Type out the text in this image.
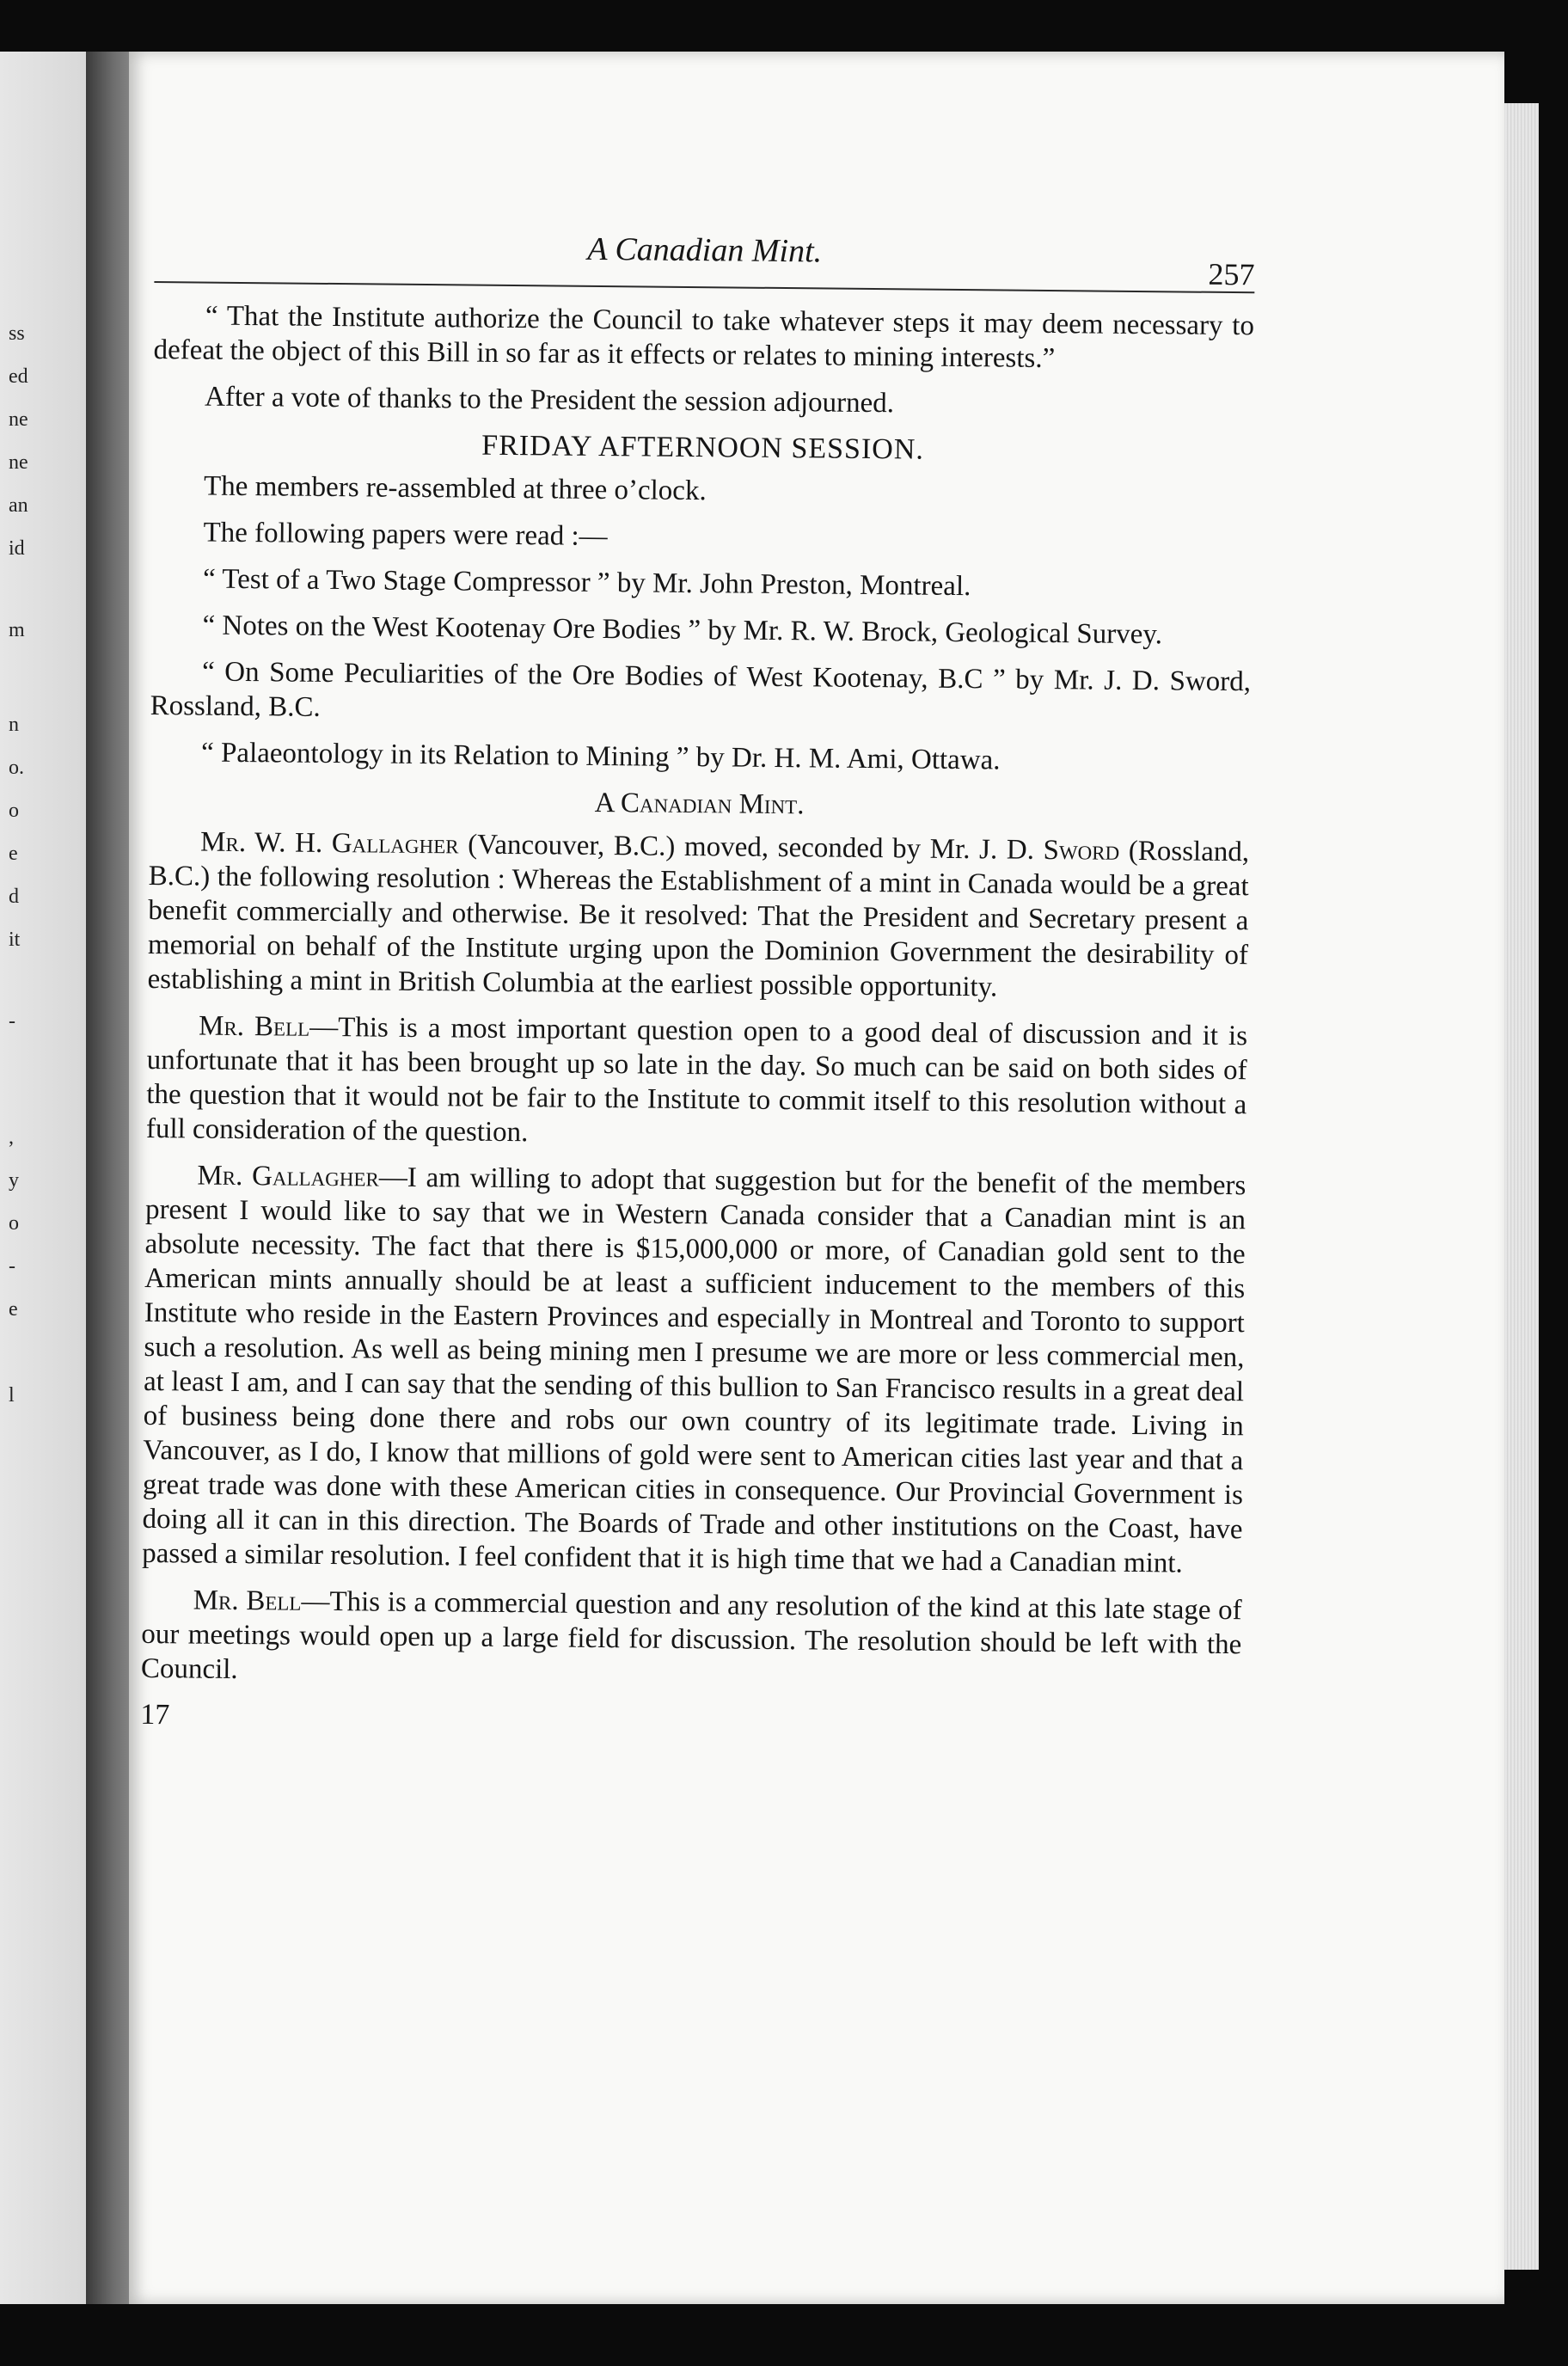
ss
ed
ne
ne
an
id
m
n
o.
o
e
d
it
-
,
y
o
-
e
l
A Canadian Mint.
257

“ That the Institute authorize the Council to take whatever steps it may deem necessary to defeat the object of this Bill in so far as it effects or relates to mining interests.”

After a vote of thanks to the President the session adjourned.

FRIDAY AFTERNOON SESSION.

The members re-assembled at three o’clock.

The following papers were read :—

“ Test of a Two Stage Compressor ” by Mr. John Preston, Montreal.

“ Notes on the West Kootenay Ore Bodies ” by Mr. R. W. Brock, Geological Survey.

“ On Some Peculiarities of the Ore Bodies of West Kootenay, B.C ” by Mr. J. D. Sword, Rossland, B.C.

“ Palaeontology in its Relation to Mining ” by Dr. H. M. Ami, Ottawa.

A Canadian Mint.

Mr. W. H. Gallagher (Vancouver, B.C.) moved, seconded by Mr. J. D. Sword (Rossland, B.C.) the following resolution : Whereas the Establishment of a mint in Canada would be a great benefit commercially and otherwise. Be it resolved: That the President and Secretary present a memorial on behalf of the Institute urging upon the Dominion Government the desirability of establishing a mint in British Columbia at the earliest possible opportunity.

Mr. Bell—This is a most important question open to a good deal of discussion and it is unfortunate that it has been brought up so late in the day. So much can be said on both sides of the question that it would not be fair to the Institute to commit itself to this resolution without a full consideration of the question.

Mr. Gallagher—I am willing to adopt that suggestion but for the benefit of the members present I would like to say that we in Western Canada consider that a Canadian mint is an absolute necessity. The fact that there is $15,000,000 or more, of Canadian gold sent to the American mints annually should be at least a sufficient inducement to the members of this Institute who reside in the Eastern Provinces and especially in Montreal and Toronto to support such a resolution. As well as being mining men I presume we are more or less commercial men, at least I am, and I can say that the sending of this bullion to San Francisco results in a great deal of business being done there and robs our own country of its legitimate trade. Living in Vancouver, as I do, I know that millions of gold were sent to American cities last year and that a great trade was done with these American cities in consequence. Our Provincial Government is doing all it can in this direction. The Boards of Trade and other institutions on the Coast, have passed a similar resolution. I feel confident that it is high time that we had a Canadian mint.

Mr. Bell—This is a commercial question and any resolution of the kind at this late stage of our meetings would open up a large field for discussion. The resolution should be left with the Council.

17
